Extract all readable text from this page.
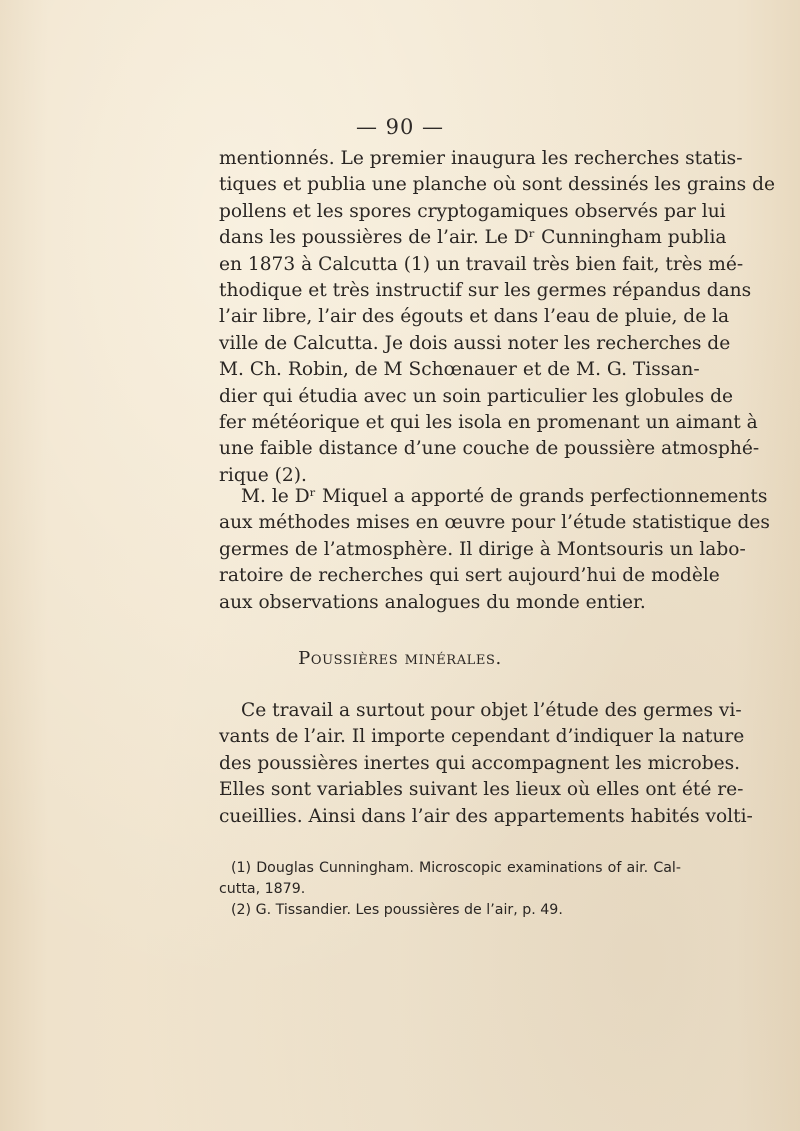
— 90 —
mentionnés. Le premier inaugura les recherches statis-
tiques et publia une planche où sont dessinés les grains de
pollens et les spores cryptogamiques observés par lui
dans les poussières de l’air. Le Dʳ Cunningham publia
en 1873 à Calcutta (1) un travail très bien fait, très mé-
thodique et très instructif sur les germes répandus dans
l’air libre, l’air des égouts et dans l’eau de pluie, de la
ville de Calcutta. Je dois aussi noter les recherches de
M. Ch. Robin, de M Schœnauer et de M. G. Tissan-
dier qui étudia avec un soin particulier les globules de
fer météorique et qui les isola en promenant un aimant à
une faible distance d’une couche de poussière atmosphé-
rique (2).
M. le Dʳ Miquel a apporté de grands perfectionnements
aux méthodes mises en œuvre pour l’étude statistique des
germes de l’atmosphère. Il dirige à Montsouris un labo-
ratoire de recherches qui sert aujourd’hui de modèle
aux observations analogues du monde entier.
Poussières minérales.
Ce travail a surtout pour objet l’étude des germes vi-
vants de l’air. Il importe cependant d’indiquer la nature
des poussières inertes qui accompagnent les microbes.
Elles sont variables suivant les lieux où elles ont été re-
cueillies. Ainsi dans l’air des appartements habités volti-
(1) Douglas Cunningham. Microscopic examinations of air. Cal-
cutta, 1879.
(2) G. Tissandier. Les poussières de l’air, p. 49.
